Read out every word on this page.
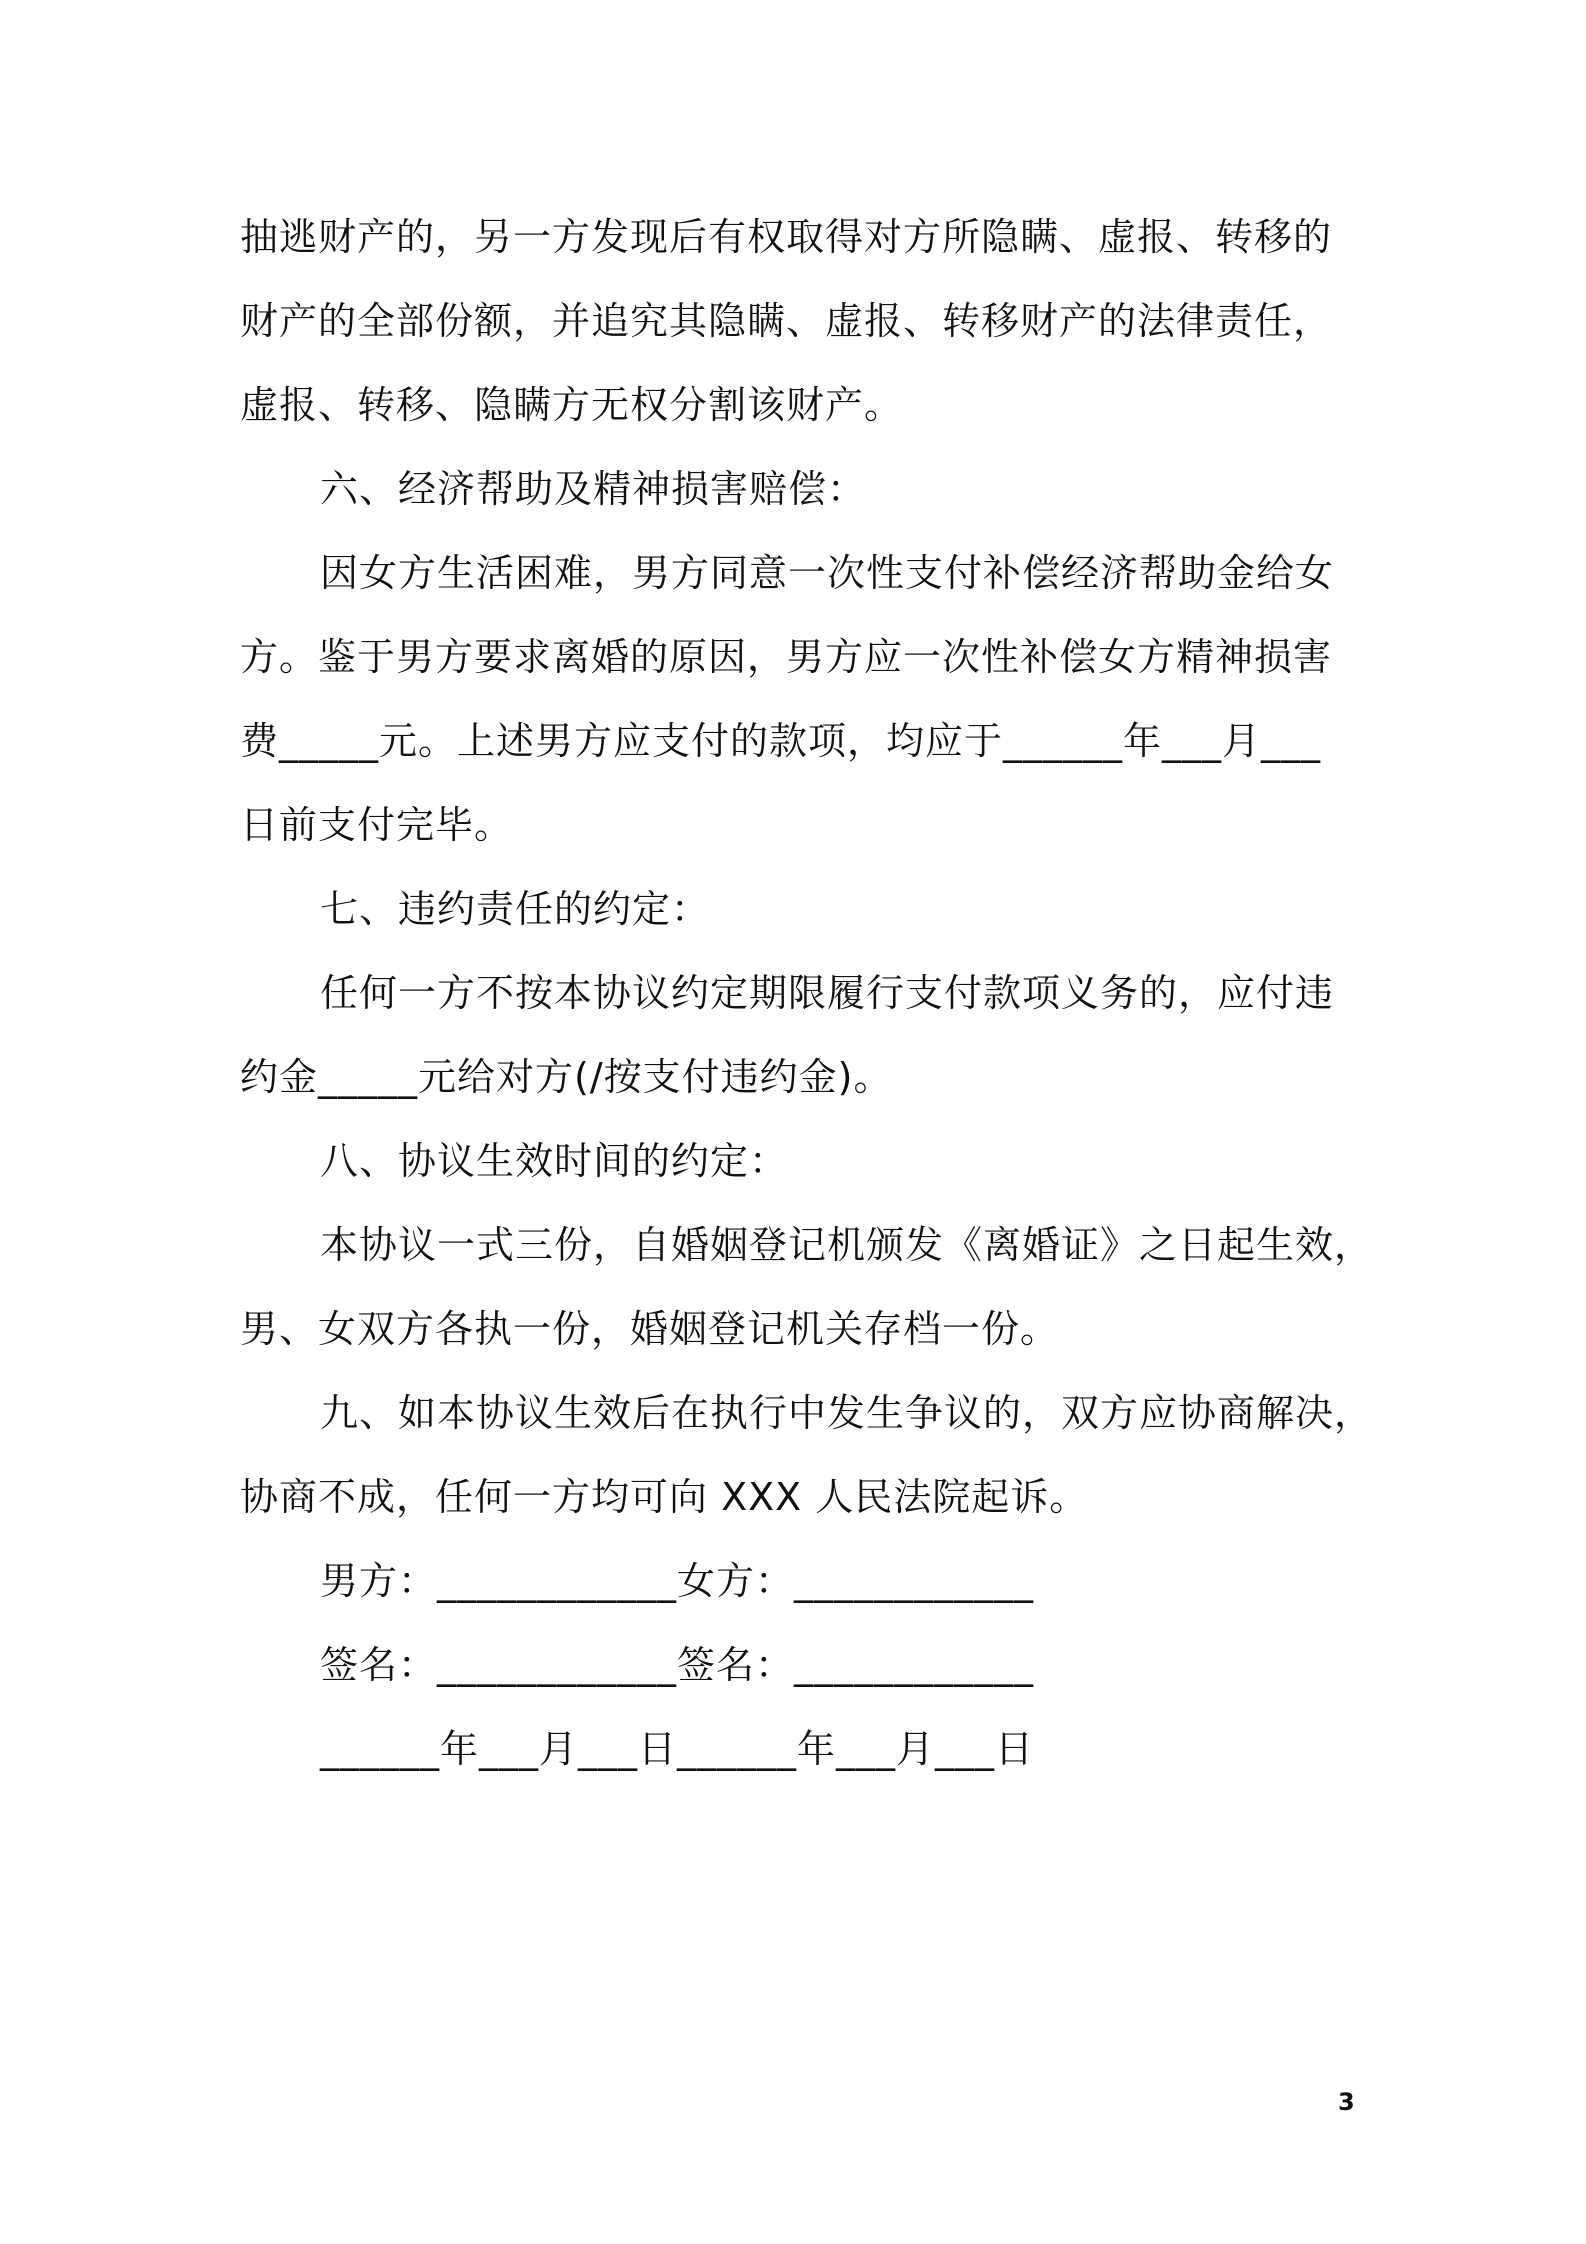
抽逃财产的，另一方发现后有权取得对方所隐瞒、虚报、转移的
财产的全部份额，并追究其隐瞒、虚报、转移财产的法律责任，
虚报、转移、隐瞒方无权分割该财产。
六、经济帮助及精神损害赔偿：
因女方生活困难，男方同意一次性支付补偿经济帮助金给女
方。鉴于男方要求离婚的原因，男方应一次性补偿女方精神损害
费_____元。上述男方应支付的款项，均应于______年___月___
日前支付完毕。
七、违约责任的约定：
任何一方不按本协议约定期限履行支付款项义务的，应付违
约金_____元给对方(/按支付违约金)。
八、协议生效时间的约定：
本协议一式三份，自婚姻登记机颁发《离婚证》之日起生效，
男、女双方各执一份，婚姻登记机关存档一份。
九、如本协议生效后在执行中发生争议的，双方应协商解决，
协商不成，任何一方均可向 XXX 人民法院起诉。
男方：____________女方：____________
签名：____________签名：____________
______年___月___日______年___月___日
3
